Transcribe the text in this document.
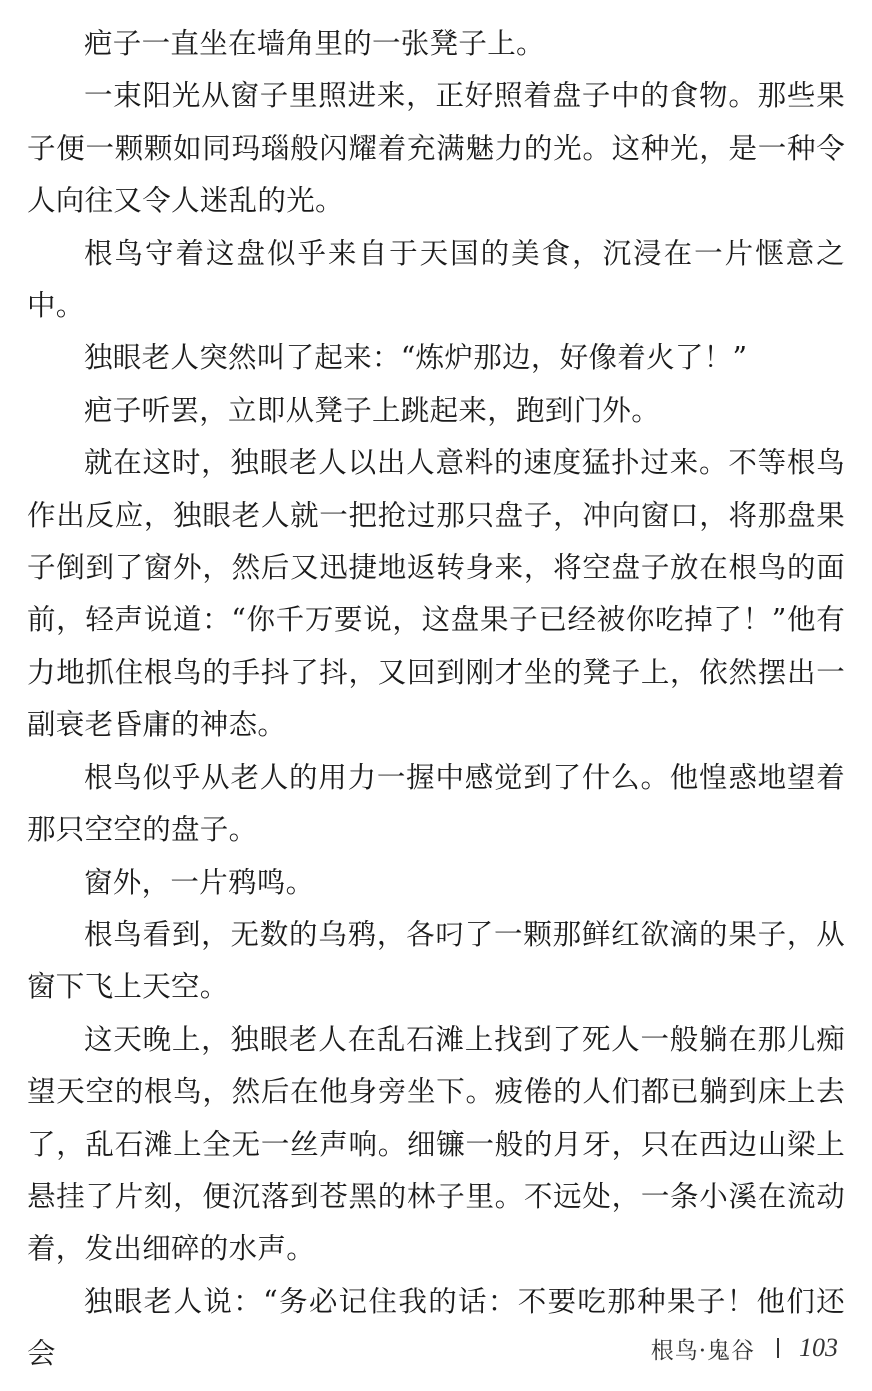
疤子一直坐在墙角里的一张凳子上。

一束阳光从窗子里照进来，正好照着盘子中的食物。那些果子便一颗颗如同玛瑙般闪耀着充满魅力的光。这种光，是一种令人向往又令人迷乱的光。

根鸟守着这盘似乎来自于天国的美食，沉浸在一片惬意之中。

独眼老人突然叫了起来：“炼炉那边，好像着火了！”

疤子听罢，立即从凳子上跳起来，跑到门外。

就在这时，独眼老人以出人意料的速度猛扑过来。不等根鸟作出反应，独眼老人就一把抢过那只盘子，冲向窗口，将那盘果子倒到了窗外，然后又迅捷地返转身来，将空盘子放在根鸟的面前，轻声说道：“你千万要说，这盘果子已经被你吃掉了！”他有力地抓住根鸟的手抖了抖，又回到刚才坐的凳子上，依然摆出一副衰老昏庸的神态。

根鸟似乎从老人的用力一握中感觉到了什么。他惶惑地望着那只空空的盘子。

窗外，一片鸦鸣。

根鸟看到，无数的乌鸦，各叼了一颗那鲜红欲滴的果子，从窗下飞上天空。

这天晚上，独眼老人在乱石滩上找到了死人一般躺在那儿痴望天空的根鸟，然后在他身旁坐下。疲倦的人们都已躺到床上去了，乱石滩上全无一丝声响。细镰一般的月牙，只在西边山梁上悬挂了片刻，便沉落到苍黑的林子里。不远处，一条小溪在流动着，发出细碎的水声。

独眼老人说：“务必记住我的话：不要吃那种果子！他们还会	根鸟·鬼谷 103
